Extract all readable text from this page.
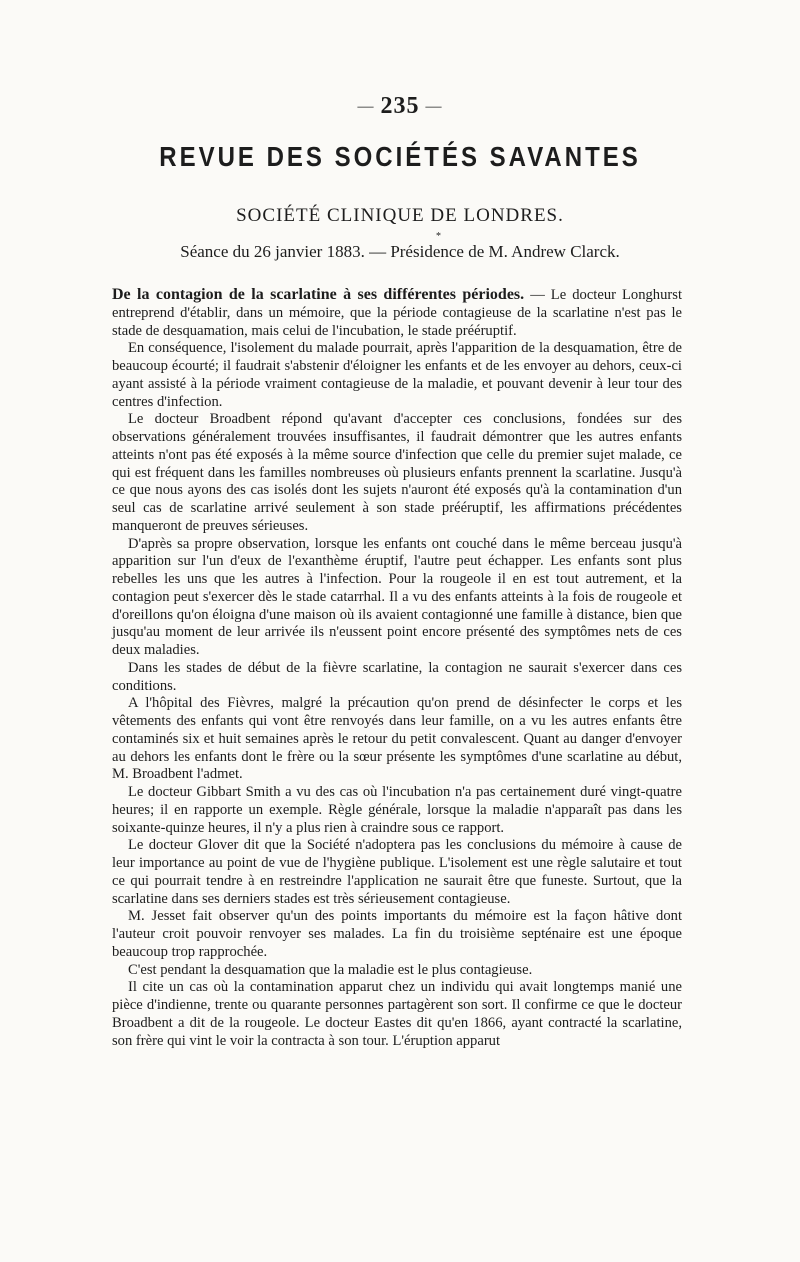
— 235 —
REVUE DES SOCIÉTÉS SAVANTES
SOCIÉTÉ CLINIQUE DE LONDRES.
*
Séance du 26 janvier 1883. — Présidence de M. Andrew Clarck.

De la contagion de la scarlatine à ses différentes périodes. — Le docteur Longhurst entreprend d'établir, dans un mémoire, que la période contagieuse de la scarlatine n'est pas le stade de desquamation, mais celui de l'incubation, le stade prééruptif.

En conséquence, l'isolement du malade pourrait, après l'apparition de la desquamation, être de beaucoup écourté; il faudrait s'abstenir d'éloigner les enfants et de les envoyer au dehors, ceux-ci ayant assisté à la période vraiment contagieuse de la maladie, et pouvant devenir à leur tour des centres d'infection.

Le docteur Broadbent répond qu'avant d'accepter ces conclusions, fondées sur des observations généralement trouvées insuffisantes, il faudrait démontrer que les autres enfants atteints n'ont pas été exposés à la même source d'infection que celle du premier sujet malade, ce qui est fréquent dans les familles nombreuses où plusieurs enfants prennent la scarlatine. Jusqu'à ce que nous ayons des cas isolés dont les sujets n'auront été exposés qu'à la contamination d'un seul cas de scarlatine arrivé seulement à son stade prééruptif, les affirmations précédentes manqueront de preuves sérieuses.

D'après sa propre observation, lorsque les enfants ont couché dans le même berceau jusqu'à apparition sur l'un d'eux de l'exanthème éruptif, l'autre peut échapper. Les enfants sont plus rebelles les uns que les autres à l'infection. Pour la rougeole il en est tout autrement, et la contagion peut s'exercer dès le stade catarrhal. Il a vu des enfants atteints à la fois de rougeole et d'oreillons qu'on éloigna d'une maison où ils avaient contagionné une famille à distance, bien que jusqu'au moment de leur arrivée ils n'eussent point encore présenté des symptômes nets de ces deux maladies.

Dans les stades de début de la fièvre scarlatine, la contagion ne saurait s'exercer dans ces conditions.

A l'hôpital des Fièvres, malgré la précaution qu'on prend de désinfecter le corps et les vêtements des enfants qui vont être renvoyés dans leur famille, on a vu les autres enfants être contaminés six et huit semaines après le retour du petit convalescent. Quant au danger d'envoyer au dehors les enfants dont le frère ou la sœur présente les symptômes d'une scarlatine au début, M. Broadbent l'admet.

Le docteur Gibbart Smith a vu des cas où l'incubation n'a pas certainement duré vingt-quatre heures; il en rapporte un exemple. Règle générale, lorsque la maladie n'apparaît pas dans les soixante-quinze heures, il n'y a plus rien à craindre sous ce rapport.

Le docteur Glover dit que la Société n'adoptera pas les conclusions du mémoire à cause de leur importance au point de vue de l'hygiène publique. L'isolement est une règle salutaire et tout ce qui pourrait tendre à en restreindre l'application ne saurait être que funeste. Surtout, que la scarlatine dans ses derniers stades est très sérieusement contagieuse.

M. Jesset fait observer qu'un des points importants du mémoire est la façon hâtive dont l'auteur croit pouvoir renvoyer ses malades. La fin du troisième septénaire est une époque beaucoup trop rapprochée.

C'est pendant la desquamation que la maladie est le plus contagieuse.

Il cite un cas où la contamination apparut chez un individu qui avait longtemps manié une pièce d'indienne, trente ou quarante personnes partagèrent son sort. Il confirme ce que le docteur Broadbent a dit de la rougeole. Le docteur Eastes dit qu'en 1866, ayant contracté la scarlatine, son frère qui vint le voir la contracta à son tour. L'éruption apparut
